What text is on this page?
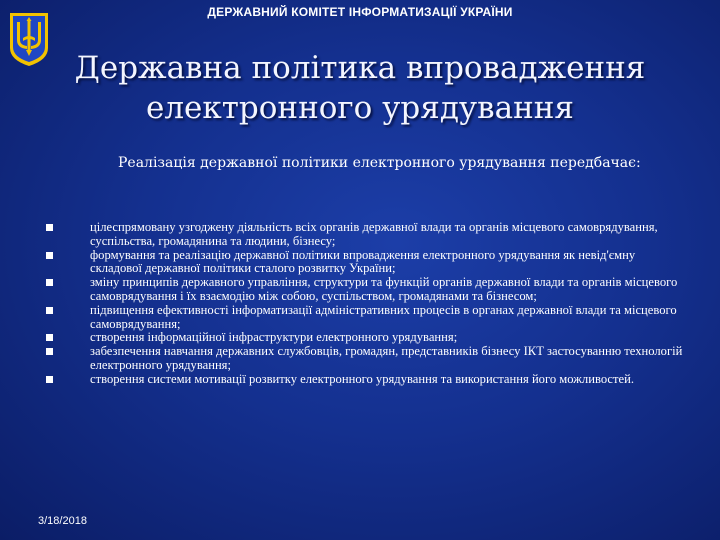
ДЕРЖАВНИЙ КОМІТЕТ ІНФОРМАТИЗАЦІЇ УКРАЇНИ
Державна політика впровадження
електронного урядування
Реалізація державної політики електронного урядування передбачає:
цілеспрямовану узгоджену діяльність всіх органів державної влади та органів місцевого самоврядування, суспільства, громадянина та людини, бізнесу;
формування та реалізацію державної політики впровадження електронного урядування як невід'ємну складової державної політики сталого розвитку України;
зміну принципів державного управління, структури та функцій органів державної влади та органів місцевого самоврядування і їх взаємодію між собою, суспільством, громадянами та бізнесом;
підвищення ефективності інформатизації адміністративних процесів в органах державної влади та місцевого самоврядування;
створення інформаційної інфраструктури електронного урядування;
забезпечення навчання державних службовців, громадян, представників бізнесу ІКТ застосуванню технологій електронного урядування;
створення системи мотивації розвитку електронного урядування та використання його можливостей.
3/18/2018
